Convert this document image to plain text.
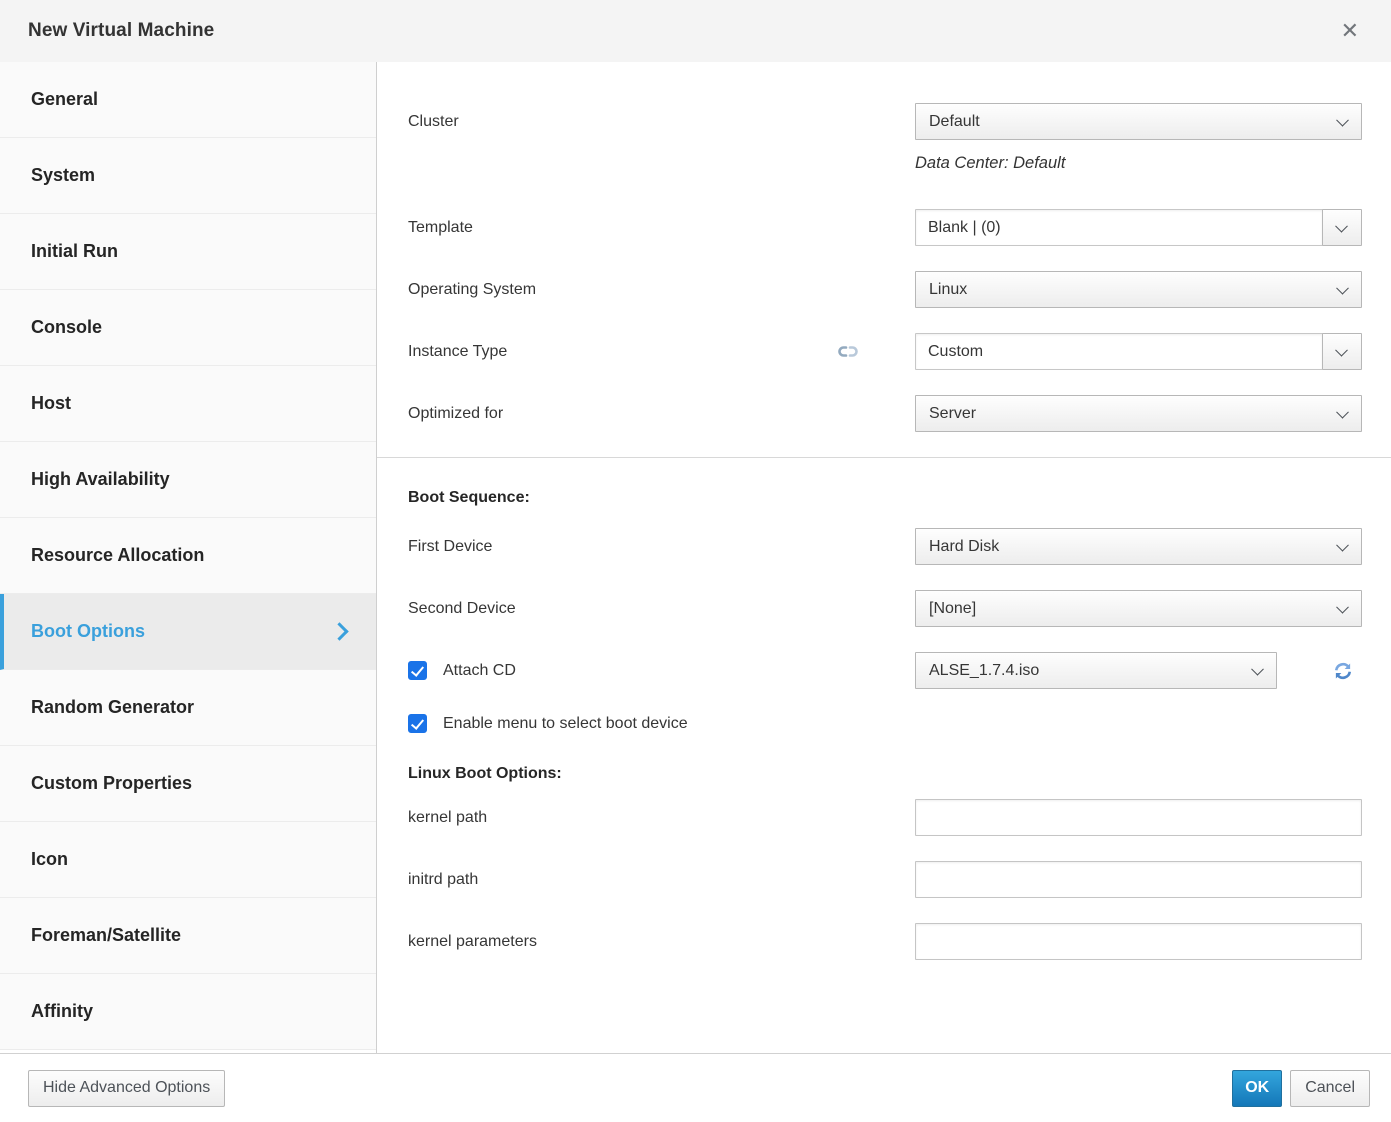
New Virtual Machine	✕
General
System
Initial Run
Console
Host
High Availability
Resource Allocation
Boot Options
Random Generator
Custom Properties
Icon
Foreman/Satellite
Affinity
Cluster	Default
Data Center: Default
Template	Blank | (0)
Operating System	Linux
Instance Type	Custom
Optimized for	Server
Boot Sequence:
First Device	Hard Disk
Second Device	[None]
Attach CD	ALSE_1.7.4.iso
Enable menu to select boot device
Linux Boot Options:
kernel path
initrd path
kernel parameters
Hide Advanced Options	OK	Cancel
